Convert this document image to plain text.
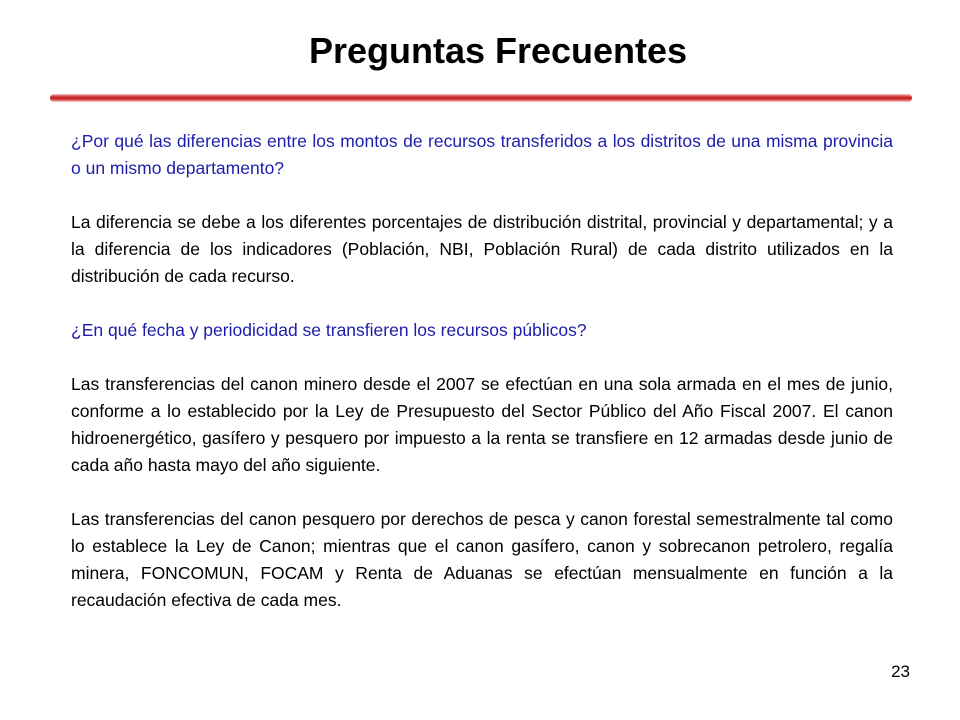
Preguntas Frecuentes

¿Por qué las diferencias entre los montos de recursos transferidos a los distritos de una misma provincia o un mismo departamento?

La diferencia se debe a los diferentes porcentajes de distribución distrital, provincial y departamental; y a la diferencia de los indicadores (Población, NBI, Población Rural) de cada distrito utilizados en la distribución de cada recurso.

¿En qué fecha y periodicidad se transfieren los recursos públicos?

Las transferencias del canon minero desde el 2007 se efectúan en una sola armada en el mes de junio, conforme a lo establecido por la Ley de Presupuesto del Sector Público del Año Fiscal 2007. El canon hidroenergético, gasífero y pesquero por impuesto a la renta se transfiere en 12 armadas desde junio de cada año hasta mayo del año siguiente.

Las transferencias del canon pesquero por derechos de pesca y canon forestal semestralmente tal como lo establece la Ley de Canon; mientras que el canon gasífero, canon y sobrecanon petrolero, regalía minera, FONCOMUN, FOCAM y Renta de Aduanas se efectúan mensualmente en función a la recaudación efectiva de cada mes.

23
